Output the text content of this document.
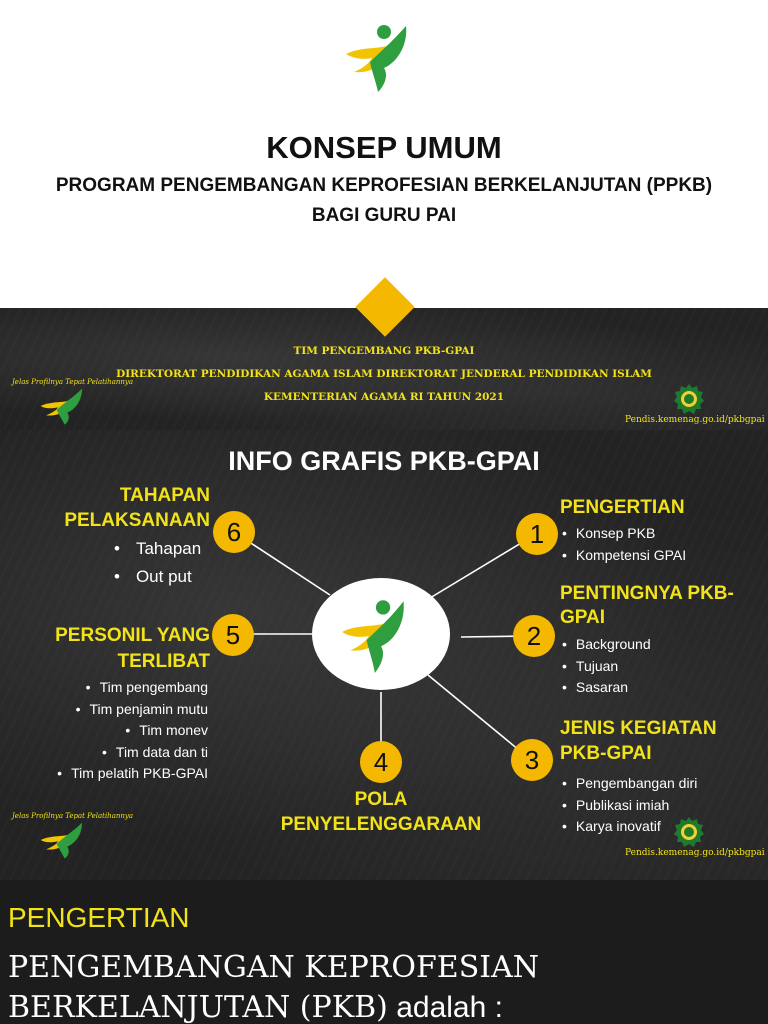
KONSEP UMUM
PROGRAM PENGEMBANGAN KEPROFESIAN BERKELANJUTAN (PPKB)
BAGI GURU PAI
TIM PENGEMBANG PKB-GPAI
DIREKTORAT PENDIDIKAN AGAMA ISLAM DIREKTORAT JENDERAL PENDIDIKAN ISLAM
KEMENTERIAN AGAMA RI TAHUN 2021
Jelas Profilnya Tepat Pelatihannya
Pendis.kemenag.go.id/pkbgpai
INFO GRAFIS PKB-GPAI
1
PENGERTIAN
• Konsep PKB
• Kompetensi GPAI
2
PENTINGNYA PKB-
GPAI
• Background
• Tujuan
• Sasaran
3
JENIS KEGIATAN
PKB-GPAI
• Pengembangan diri
• Publikasi imiah
• Karya inovatif
4
POLA
PENYELENGGARAAN
5
PERSONIL YANG
TERLIBAT
• Tim pengembang
• Tim penjamin mutu
• Tim monev
• Tim data dan ti
• Tim pelatih PKB-GPAI
6
TAHAPAN
PELAKSANAAN
• Tahapan
• Out put
Jelas Profilnya Tepat Pelatihannya
Pendis.kemenag.go.id/pkbgpai
PENGERTIAN
PENGEMBANGAN KEPROFESIAN
BERKELANJUTAN (PKB) adalah :
